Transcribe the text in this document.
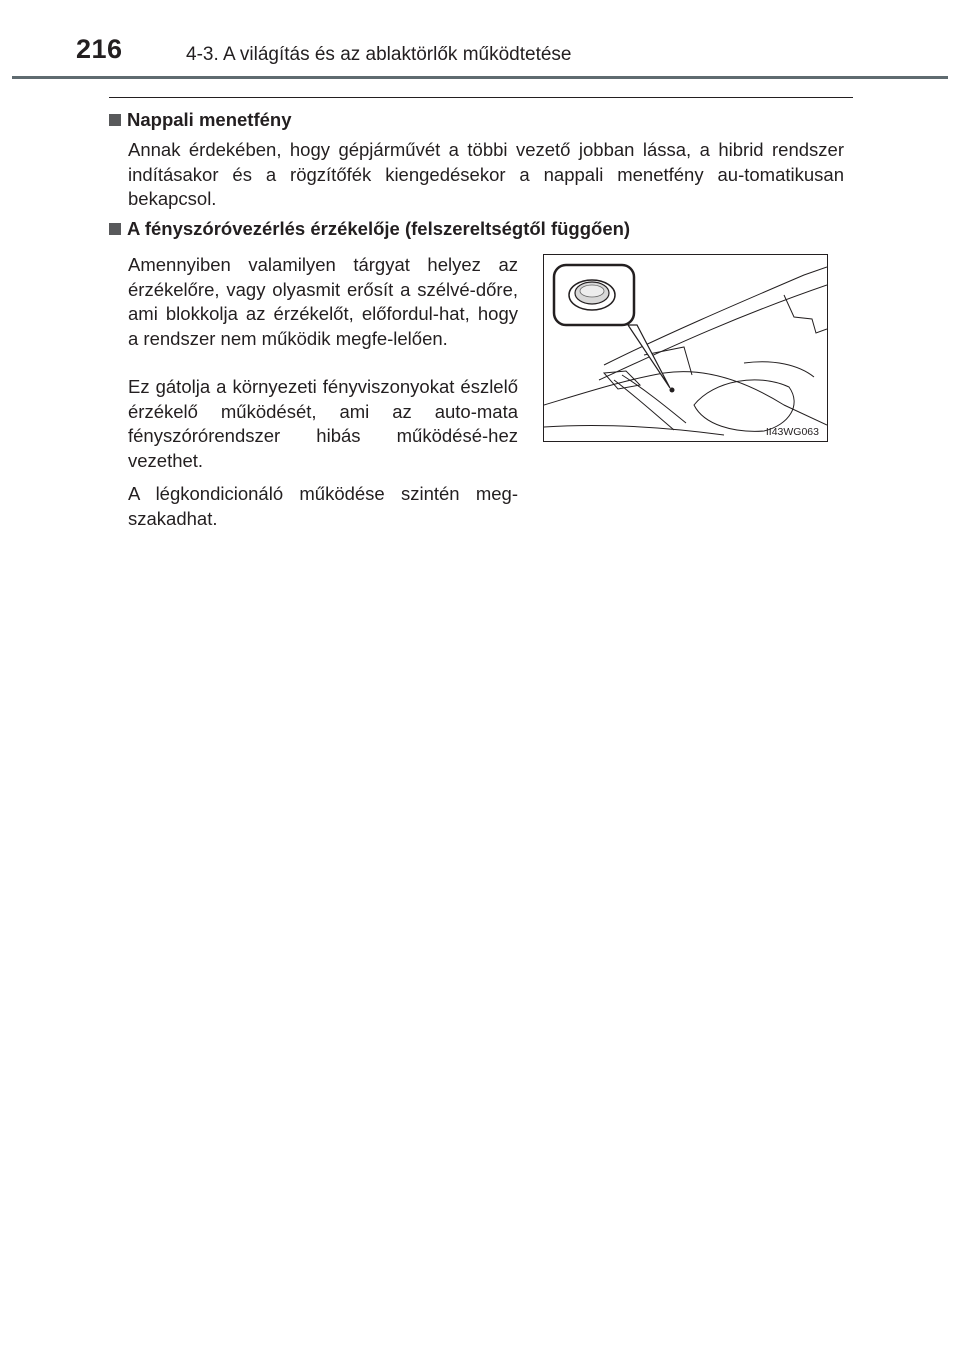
216	4-3. A világítás és az ablaktörlők működtetése
Nappali menetfény

Annak érdekében, hogy gépjárművét a többi vezető jobban lássa, a hibrid rendszer indításakor és a rögzítőfék kiengedésekor a nappali menetfény au-tomatikusan bekapcsol.

A fényszóróvezérlés érzékelője (felszereltségtől függően)

Amennyiben valamilyen tárgyat helyez az érzékelőre, vagy olyasmit erősít a szélvé-dőre, ami blokkolja az érzékelőt, előfordul-hat, hogy a rendszer nem működik megfe-lelően.

Ez gátolja a környezeti fényviszonyokat észlelő érzékelő működését, ami az auto-mata fényszórórendszer hibás működésé-hez vezethet.

A légkondicionáló működése szintén meg-szakadhat.

II43WG063
